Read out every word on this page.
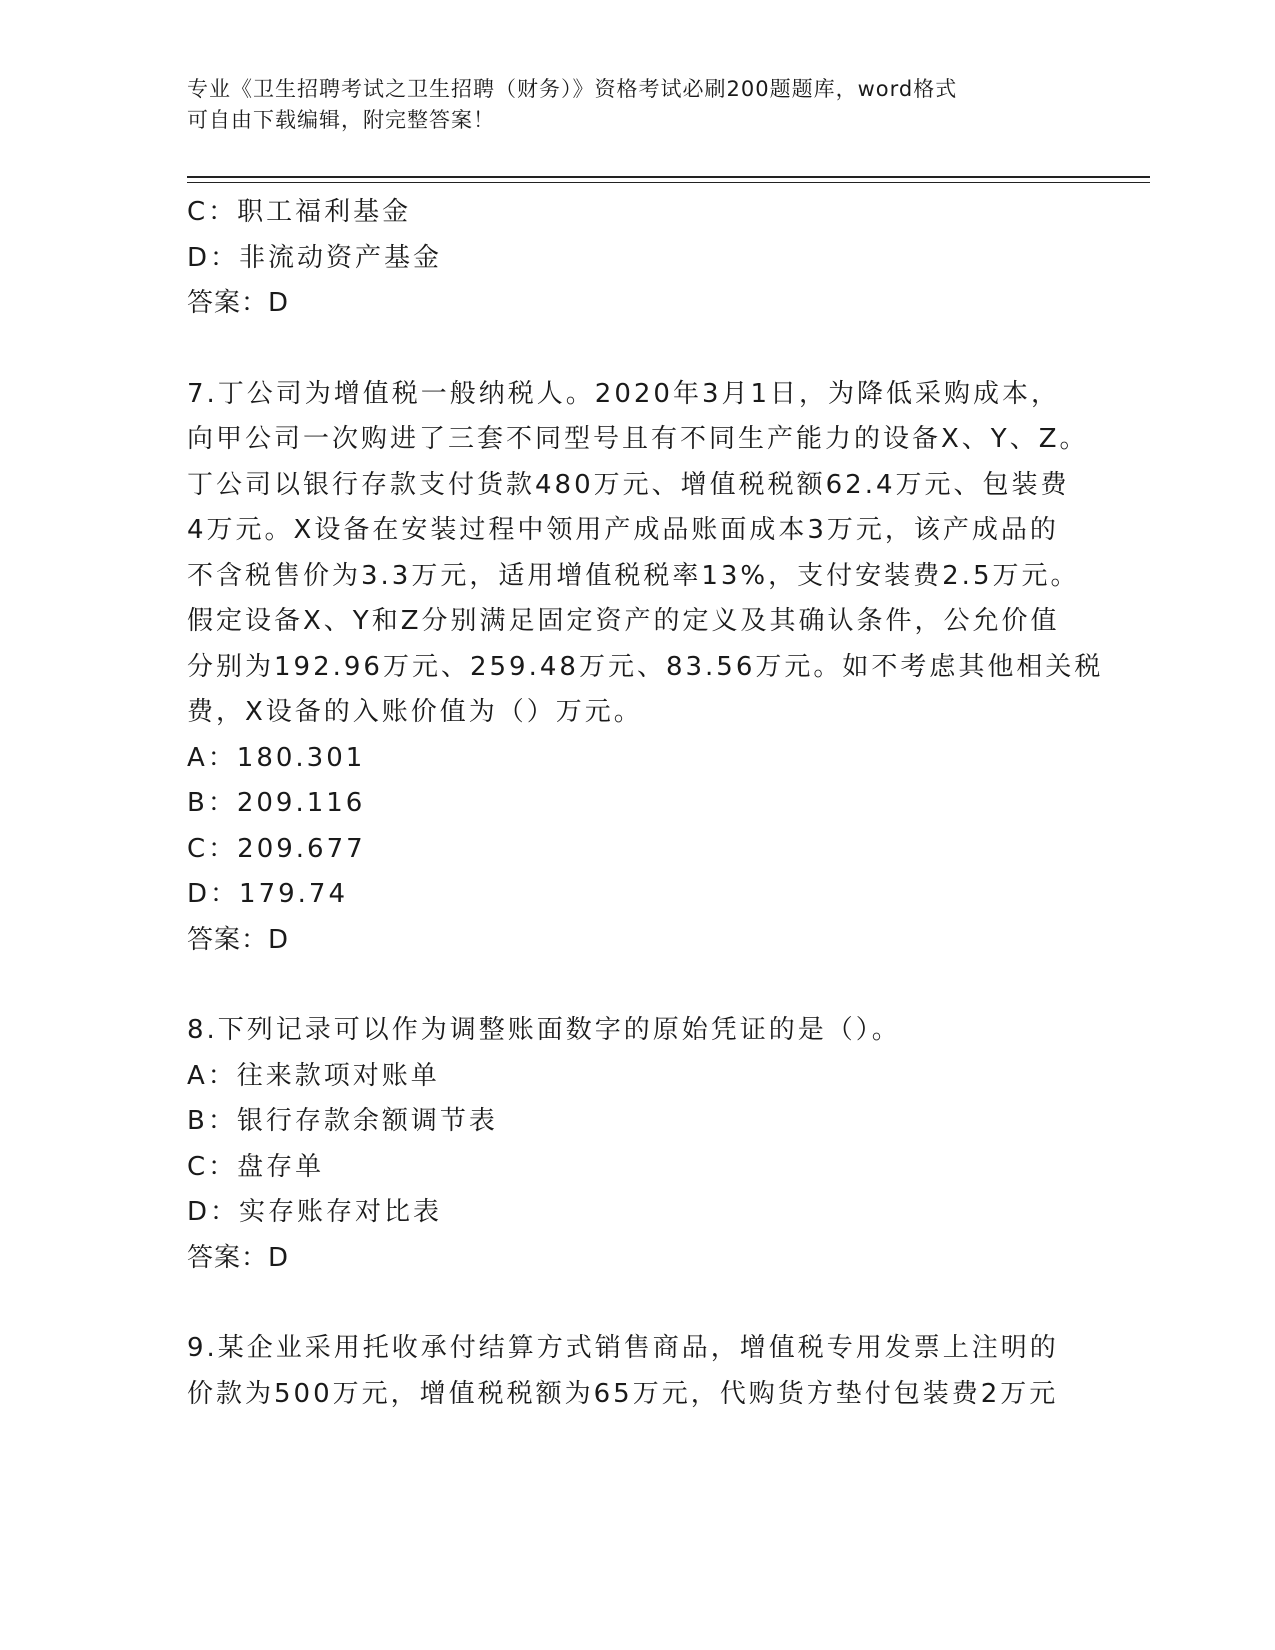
专业《卫生招聘考试之卫生招聘（财务）》资格考试必刷200题题库，word格式
可自由下载编辑，附完整答案！
C：职工福利基金
D：非流动资产基金
答案：D
7.丁公司为增值税一般纳税人。2020年3月1日，为降低采购成本，
向甲公司一次购进了三套不同型号且有不同生产能力的设备X、Y、Z。
丁公司以银行存款支付货款480万元、增值税税额62.4万元、包装费
4万元。X设备在安装过程中领用产成品账面成本3万元，该产成品的
不含税售价为3.3万元，适用增值税税率13%，支付安装费2.5万元。
假定设备X、Y和Z分别满足固定资产的定义及其确认条件，公允价值
分别为192.96万元、259.48万元、83.56万元。如不考虑其他相关税
费，X设备的入账价值为（）万元。
A：180.301
B：209.116
C：209.677
D：179.74
答案：D
8.下列记录可以作为调整账面数字的原始凭证的是（）。
A：往来款项对账单
B：银行存款余额调节表
C：盘存单
D：实存账存对比表
答案：D
9.某企业采用托收承付结算方式销售商品，增值税专用发票上注明的
价款为500万元，增值税税额为65万元，代购货方垫付包装费2万元
